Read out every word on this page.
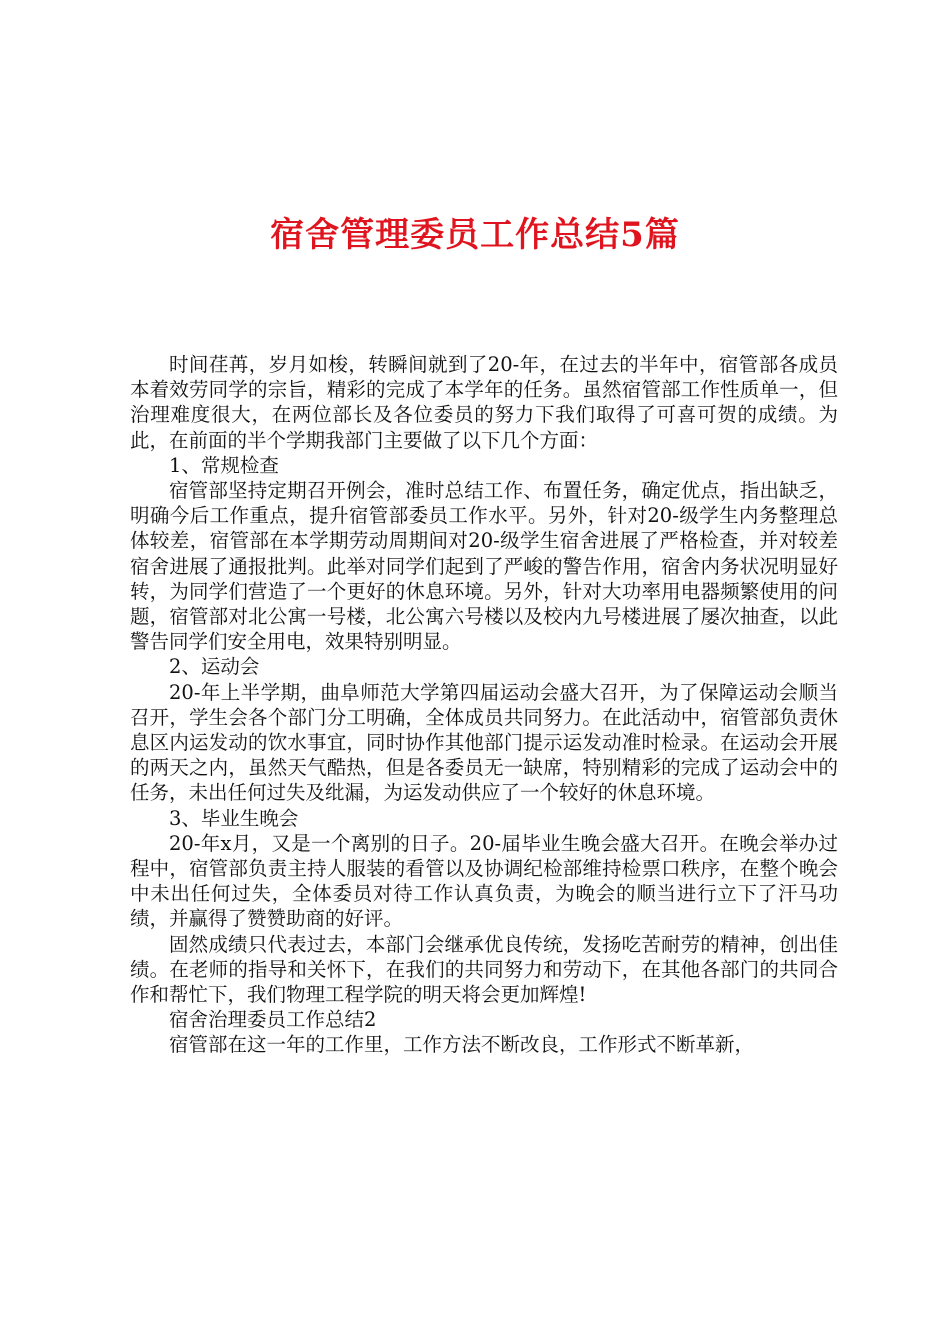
宿舍管理委员工作总结5篇

时间荏苒，岁月如梭，转瞬间就到了20-年，在过去的半年中，宿管部各成员本着效劳同学的宗旨，精彩的完成了本学年的任务。虽然宿管部工作性质单一，但治理难度很大，在两位部长及各位委员的努力下我们取得了可喜可贺的成绩。为此，在前面的半个学期我部门主要做了以下几个方面：

1、常规检查

宿管部坚持定期召开例会，准时总结工作、布置任务，确定优点，指出缺乏，明确今后工作重点，提升宿管部委员工作水平。另外，针对20-级学生内务整理总体较差，宿管部在本学期劳动周期间对20-级学生宿舍进展了严格检查，并对较差宿舍进展了通报批判。此举对同学们起到了严峻的警告作用，宿舍内务状况明显好转，为同学们营造了一个更好的休息环境。另外，针对大功率用电器频繁使用的问题，宿管部对北公寓一号楼，北公寓六号楼以及校内九号楼进展了屡次抽查，以此警告同学们安全用电，效果特别明显。

2、运动会

20-年上半学期，曲阜师范大学第四届运动会盛大召开，为了保障运动会顺当召开，学生会各个部门分工明确，全体成员共同努力。在此活动中，宿管部负责休息区内运发动的饮水事宜，同时协作其他部门提示运发动准时检录。在运动会开展的两天之内，虽然天气酷热，但是各委员无一缺席，特别精彩的完成了运动会中的任务，未出任何过失及纰漏，为运发动供应了一个较好的休息环境。

3、毕业生晚会

20-年x月，又是一个离别的日子。20-届毕业生晚会盛大召开。在晚会举办过程中，宿管部负责主持人服装的看管以及协调纪检部维持检票口秩序，在整个晚会中未出任何过失，全体委员对待工作认真负责，为晚会的顺当进行立下了汗马功绩，并赢得了赞赞助商的好评。

固然成绩只代表过去，本部门会继承优良传统，发扬吃苦耐劳的精神，创出佳绩。在老师的指导和关怀下，在我们的共同努力和劳动下，在其他各部门的共同合作和帮忙下，我们物理工程学院的明天将会更加辉煌!

宿舍治理委员工作总结2

宿管部在这一年的工作里，工作方法不断改良，工作形式不断革新，
